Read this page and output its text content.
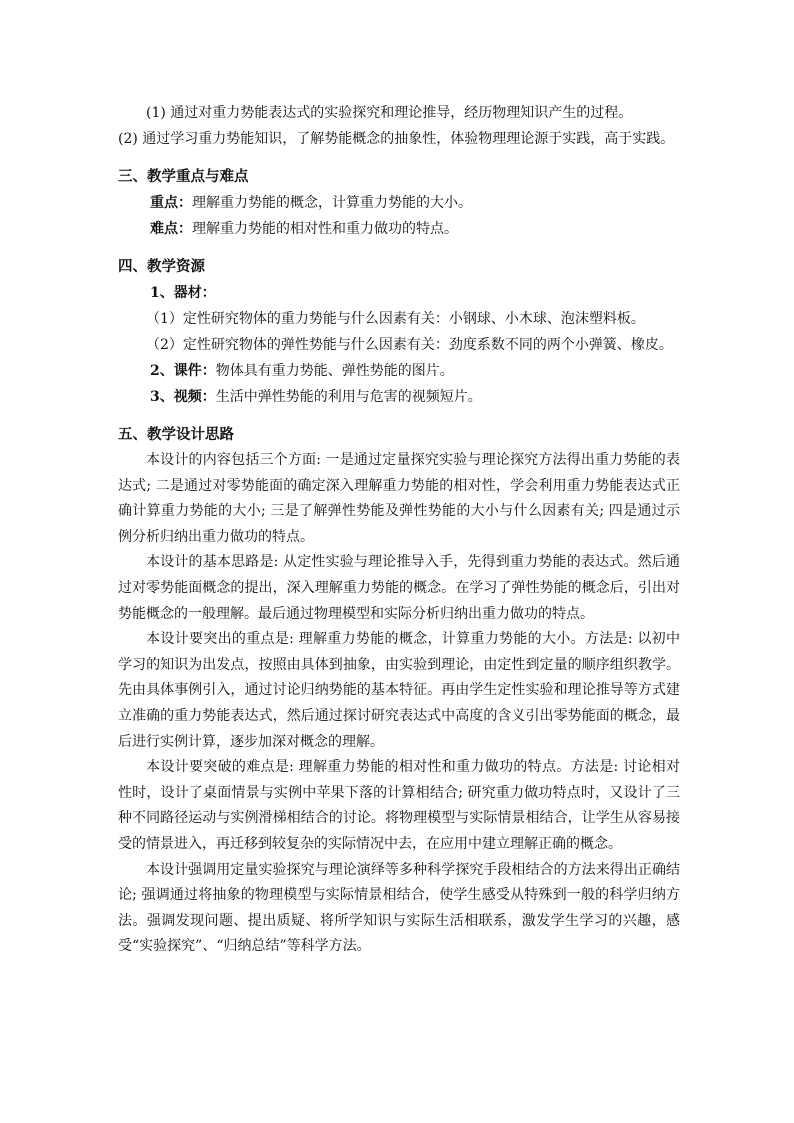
(1) 通过对重力势能表达式的实验探究和理论推导，经历物理知识产生的过程。

(2) 通过学习重力势能知识，了解势能概念的抽象性，体验物理理论源于实践，高于实践。

三、教学重点与难点

重点：理解重力势能的概念，计算重力势能的大小。

难点：理解重力势能的相对性和重力做功的特点。

四、教学资源

1、器材：

（1）定性研究物体的重力势能与什么因素有关：小钢球、小木球、泡沫塑料板。

（2）定性研究物体的弹性势能与什么因素有关：劲度系数不同的两个小弹簧、橡皮。

2、课件：物体具有重力势能、弹性势能的图片。

3、视频：生活中弹性势能的利用与危害的视频短片。

五、教学设计思路

本设计的内容包括三个方面: 一是通过定量探究实验与理论探究方法得出重力势能的表达式; 二是通过对零势能面的确定深入理解重力势能的相对性，学会利用重力势能表达式正确计算重力势能的大小; 三是了解弹性势能及弹性势能的大小与什么因素有关; 四是通过示例分析归纳出重力做功的特点。

本设计的基本思路是: 从定性实验与理论推导入手，先得到重力势能的表达式。然后通过对零势能面概念的提出，深入理解重力势能的概念。在学习了弹性势能的概念后，引出对势能概念的一般理解。最后通过物理模型和实际分析归纳出重力做功的特点。

本设计要突出的重点是: 理解重力势能的概念，计算重力势能的大小。方法是: 以初中学习的知识为出发点，按照由具体到抽象，由实验到理论，由定性到定量的顺序组织教学。先由具体事例引入，通过讨论归纳势能的基本特征。再由学生定性实验和理论推导等方式建立准确的重力势能表达式，然后通过探讨研究表达式中高度的含义引出零势能面的概念，最后进行实例计算，逐步加深对概念的理解。

本设计要突破的难点是: 理解重力势能的相对性和重力做功的特点。方法是: 讨论相对性时，设计了桌面情景与实例中苹果下落的计算相结合; 研究重力做功特点时，又设计了三种不同路径运动与实例滑梯相结合的讨论。将物理模型与实际情景相结合，让学生从容易接受的情景进入，再迁移到较复杂的实际情况中去，在应用中建立理解正确的概念。

本设计强调用定量实验探究与理论演绎等多种科学探究手段相结合的方法来得出正确结论; 强调通过将抽象的物理模型与实际情景相结合，使学生感受从特殊到一般的科学归纳方法。强调发现问题、提出质疑、将所学知识与实际生活相联系，激发学生学习的兴趣，感受“实验探究”、“归纳总结”等科学方法。
